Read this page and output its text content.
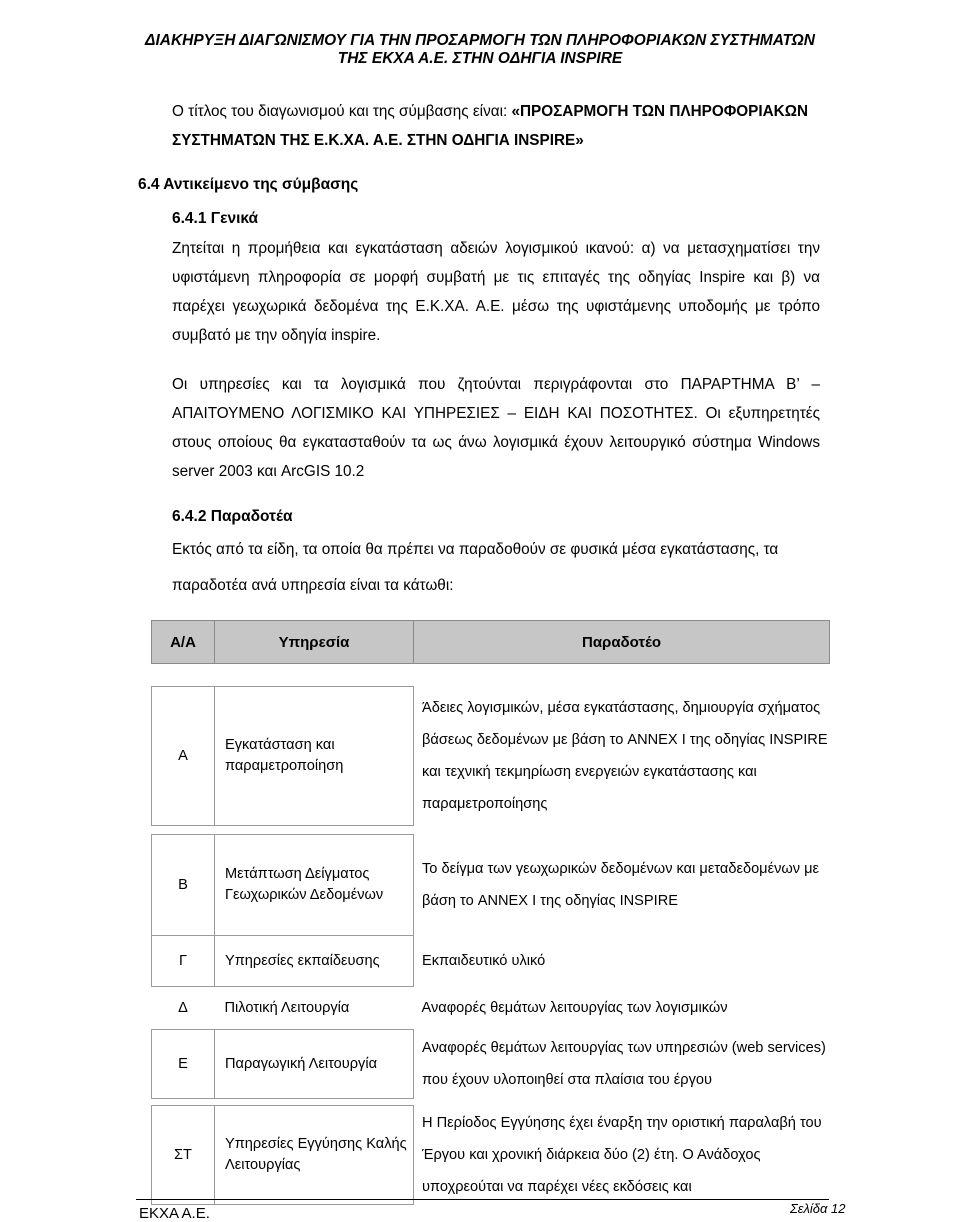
ΔΙΑΚΗΡΥΞΗ ΔΙΑΓΩΝΙΣΜΟΥ ΓΙΑ ΤΗΝ ΠΡΟΣΑΡΜΟΓΗ ΤΩΝ ΠΛΗΡΟΦΟΡΙΑΚΩΝ ΣΥΣΤΗΜΑΤΩΝ
ΤΗΣ ΕΚΧΑ Α.Ε. ΣΤΗΝ ΟΔΗΓΙΑ INSPIRE

Ο τίτλος του διαγωνισμού και της σύμβασης είναι: «ΠΡΟΣΑΡΜΟΓΗ ΤΩΝ ΠΛΗΡΟΦΟΡΙΑΚΩΝ ΣΥΣΤΗΜΑΤΩΝ ΤΗΣ Ε.Κ.ΧΑ. Α.Ε. ΣΤΗΝ ΟΔΗΓΙΑ INSPIRE»

6.4 Αντικείμενο της σύμβασης
6.4.1 Γενικά

Ζητείται η προμήθεια και εγκατάσταση αδειών λογισμικού ικανού: α) να μετασχηματίσει την υφιστάμενη πληροφορία σε μορφή συμβατή με τις επιταγές της οδηγίας Inspire και β) να παρέχει γεωχωρικά δεδομένα της Ε.Κ.ΧΑ. Α.Ε. μέσω της υφιστάμενης υποδομής με τρόπο συμβατό με την οδηγία inspire.

Οι υπηρεσίες και τα λογισμικά που ζητούνται περιγράφονται στο ΠΑΡΑΡΤΗΜΑ Β’ – ΑΠΑΙΤΟΥΜΕΝΟ ΛΟΓΙΣΜΙΚΟ ΚΑΙ ΥΠΗΡΕΣΙΕΣ – ΕΙΔΗ ΚΑΙ ΠΟΣΟΤΗΤΕΣ. Οι εξυπηρετητές στους οποίους θα εγκατασταθούν τα ως άνω λογισμικά έχουν λειτουργικό σύστημα Windows server 2003 και ArcGIS 10.2

6.4.2 Παραδοτέα

Εκτός από τα είδη, τα οποία θα πρέπει να παραδοθούν σε φυσικά μέσα εγκατάστασης, τα παραδοτέα ανά υπηρεσία είναι τα κάτωθι:

Α/Α	Υπηρεσία	Παραδοτέο

Α	Εγκατάσταση και παραμετροποίηση	Άδειες λογισμικών, μέσα εγκατάστασης, δημιουργία σχήματος βάσεως δεδομένων με βάση το ANNEX I της οδηγίας INSPIRE και τεχνική τεκμηρίωση ενεργειών εγκατάστασης και παραμετροποίησης

Β	Μετάπτωση Δείγματος Γεωχωρικών Δεδομένων	Το δείγμα των γεωχωρικών δεδομένων και μεταδεδομένων με βάση το ANNEX I της οδηγίας INSPIRE
Γ	Υπηρεσίες εκπαίδευσης	Εκπαιδευτικό υλικό
Δ	Πιλοτική Λειτουργία	Αναφορές θεμάτων λειτουργίας των λογισμικών
Ε	Παραγωγική Λειτουργία	Αναφορές θεμάτων λειτουργίας των υπηρεσιών (web services) που έχουν υλοποιηθεί στα πλαίσια του έργου

ΣΤ	Υπηρεσίες Εγγύησης Καλής Λειτουργίας	Η Περίοδος Εγγύησης έχει έναρξη την οριστική παραλαβή του Έργου και χρονική διάρκεια δύο (2) έτη. Ο Ανάδοχος υποχρεούται να παρέχει νέες εκδόσεις και
ΕΚΧΑ Α.Ε.	Σελίδα 12
